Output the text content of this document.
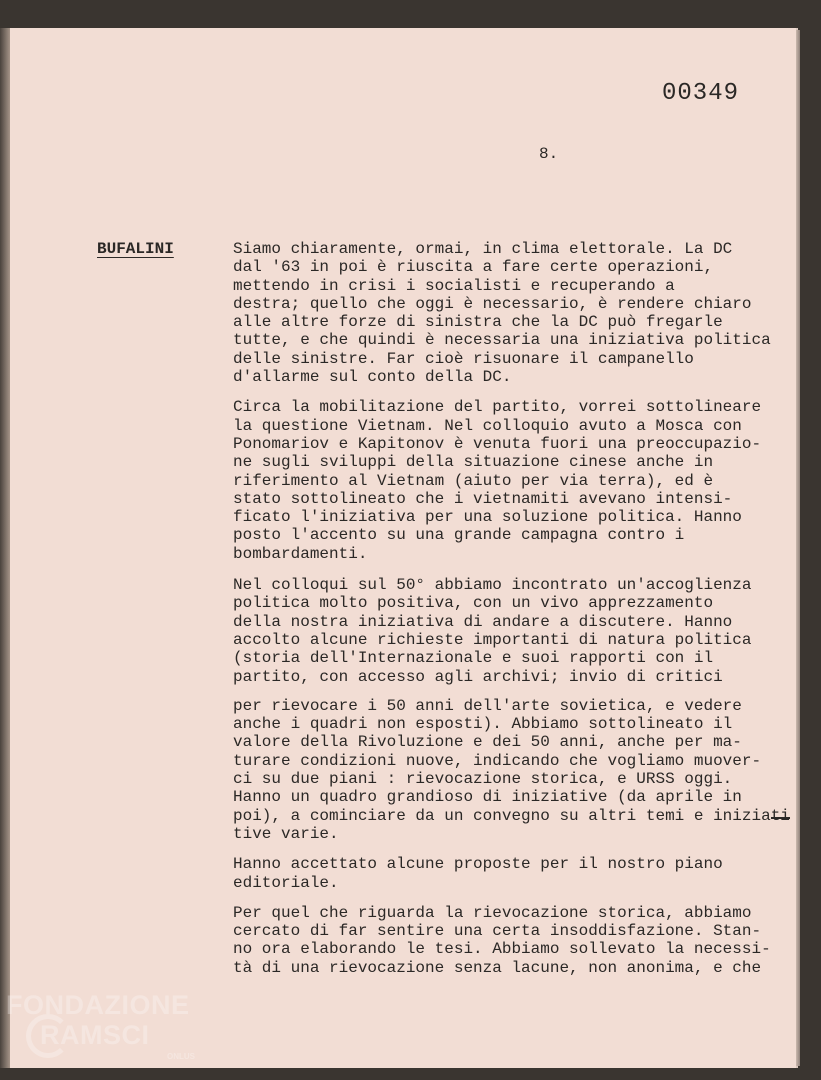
00349
8.
BUFALINI	Siamo chiaramente, ormai, in clima elettorale. La DC
dal '63 in poi è riuscita a fare certe operazioni,
mettendo in crisi i socialisti e recuperando a
destra; quello che oggi è necessario, è rendere chiaro
alle altre forze di sinistra che la DC può fregarle
tutte, e che quindi è necessaria una iniziativa politica
delle sinistre. Far cioè risuonare il campanello
d'allarme sul conto della DC.

Circa la mobilitazione del partito, vorrei sottolineare
la questione Vietnam. Nel colloquio avuto a Mosca con
Ponomariov e Kapitonov è venuta fuori una preoccupazio-
ne sugli sviluppi della situazione cinese anche in
riferimento al Vietnam (aiuto per via terra), ed è
stato sottolineato che i vietnamiti avevano intensi-
ficato l'iniziativa per una soluzione politica. Hanno
posto l'accento su una grande campagna contro i
bombardamenti.

Nel colloqui sul 50° abbiamo incontrato un'accoglienza
politica molto positiva, con un vivo apprezzamento
della nostra iniziativa di andare a discutere. Hanno
accolto alcune richieste importanti di natura politica
(storia dell'Internazionale e suoi rapporti con il
partito, con accesso agli archivi; invio di critici

per rievocare i 50 anni dell'arte sovietica, e vedere
anche i quadri non esposti). Abbiamo sottolineato il
valore della Rivoluzione e dei 50 anni, anche per ma-
turare condizioni nuove, indicando che vogliamo muover-
ci su due piani : rievocazione storica, e URSS oggi.
Hanno un quadro grandioso di iniziative (da aprile in
poi), a cominciare da un convegno su altri temi e iniziati
tive varie.

Hanno accettato alcune proposte per il nostro piano
editoriale.

Per quel che riguarda la rievocazione storica, abbiamo
cercato di far sentire una certa insoddisfazione. Stan-
no ora elaborando le tesi. Abbiamo sollevato la necessi-
tà di una rievocazione senza lacune, non anonima, e che

FONDAZIONE
RAMSCI
ONLUS
